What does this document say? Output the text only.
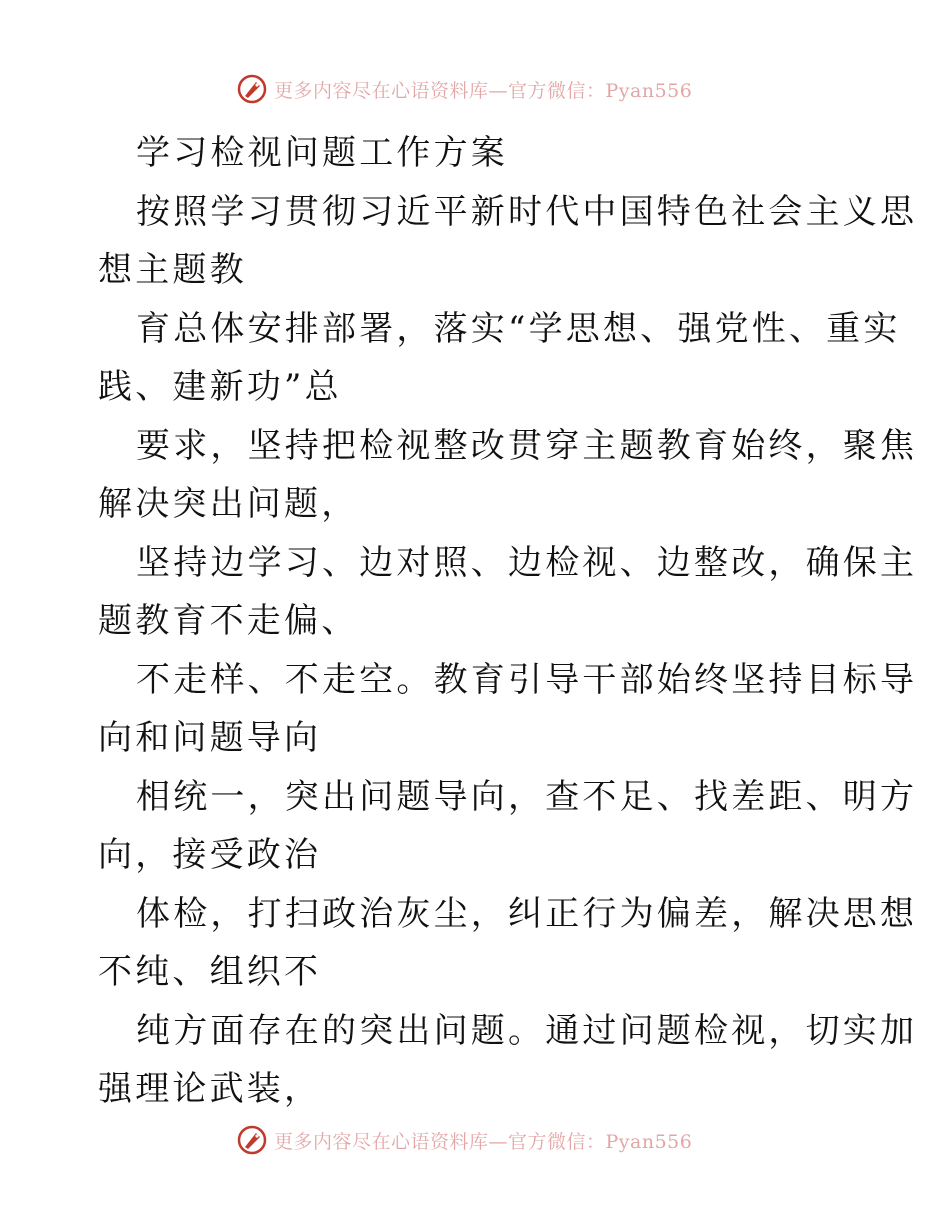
更多内容尽在心语资料库—官方微信：Pyan556
学习检视问题工作方案
按照学习贯彻习近平新时代中国特色社会主义思
想主题教
育总体安排部署，落实“学思想、强党性、重实
践、建新功”总
要求，坚持把检视整改贯穿主题教育始终，聚焦
解决突出问题，
坚持边学习、边对照、边检视、边整改，确保主
题教育不走偏、
不走样、不走空。教育引导干部始终坚持目标导
向和问题导向
相统一，突出问题导向，查不足、找差距、明方
向，接受政治
体检，打扫政治灰尘，纠正行为偏差，解决思想
不纯、组织不
纯方面存在的突出问题。通过问题检视，切实加
强理论武装，
更多内容尽在心语资料库—官方微信：Pyan556
